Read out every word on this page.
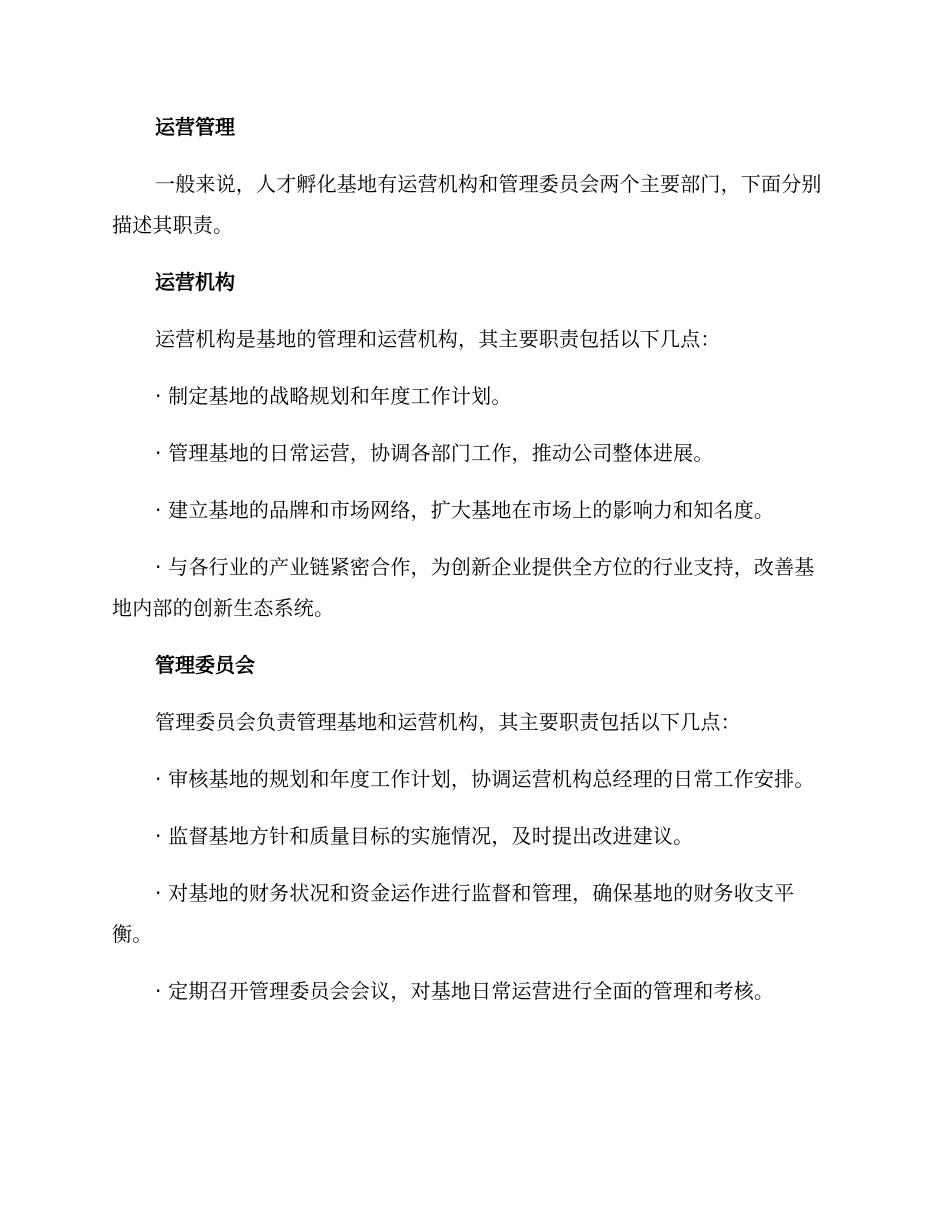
运营管理

一般来说，人才孵化基地有运营机构和管理委员会两个主要部门，下面分别描述其职责。

运营机构

运营机构是基地的管理和运营机构，其主要职责包括以下几点：

· 制定基地的战略规划和年度工作计划。

· 管理基地的日常运营，协调各部门工作，推动公司整体进展。

· 建立基地的品牌和市场网络，扩大基地在市场上的影响力和知名度。

· 与各行业的产业链紧密合作，为创新企业提供全方位的行业支持，改善基地内部的创新生态系统。

管理委员会

管理委员会负责管理基地和运营机构，其主要职责包括以下几点：

· 审核基地的规划和年度工作计划，协调运营机构总经理的日常工作安排。

· 监督基地方针和质量目标的实施情况，及时提出改进建议。

· 对基地的财务状况和资金运作进行监督和管理，确保基地的财务收支平衡。

· 定期召开管理委员会会议，对基地日常运营进行全面的管理和考核。
